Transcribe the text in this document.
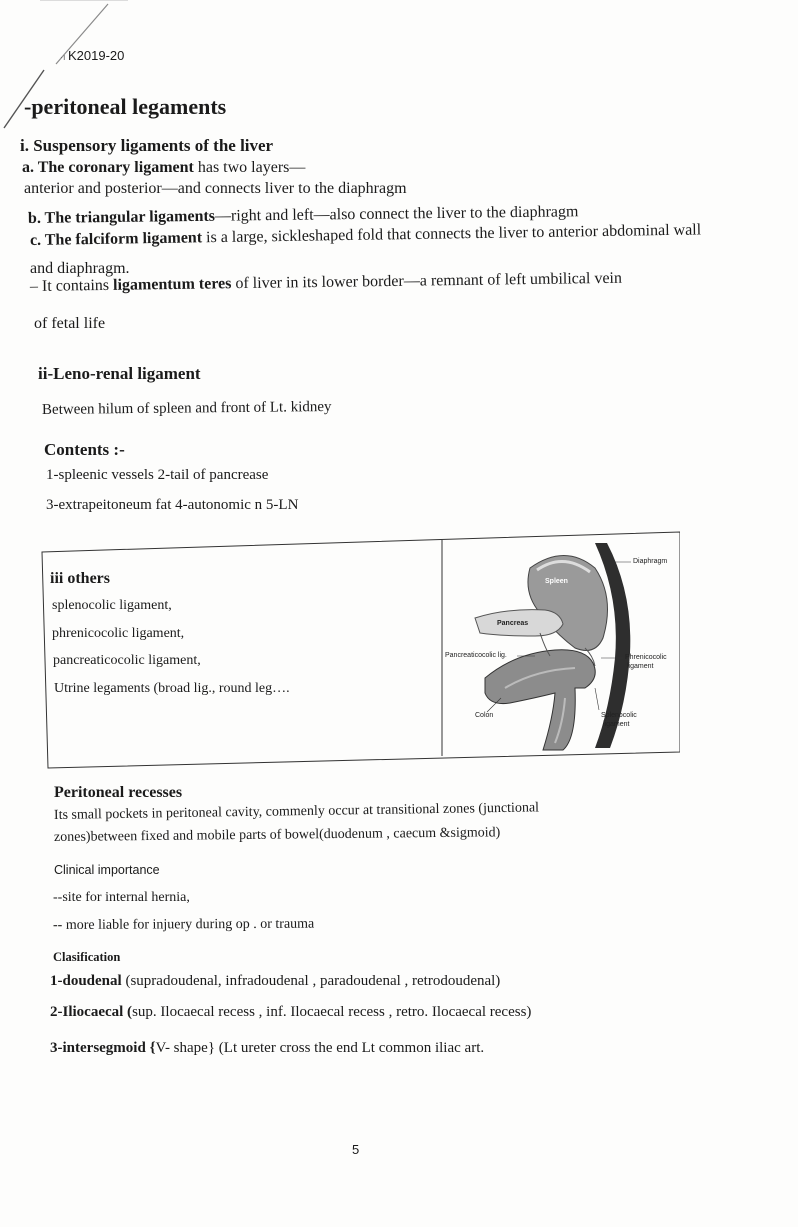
·ı K2019-20
-peritoneal legaments
i. Suspensory ligaments of the liver
a. The coronary ligament has two layers—
anterior and posterior—and connects liver to the diaphragm
b. The triangular ligaments—right and left—also connect the liver to the diaphragm
c. The falciform ligament is a large, sickleshaped fold that connects the liver to anterior abdominal wall
and diaphragm.
– It contains ligamentum teres of liver in its lower border—a remnant of left umbilical vein
of fetal life
ii-Leno-renal ligament
Between hilum of spleen and front of Lt. kidney
Contents :-
1-spleenic vessels 2-tail of pancrease
3-extrapeitoneum fat 4-autonomic n 5-LN
iii others
splenocolic ligament,
phrenicocolic ligament,
pancreaticocolic ligament,
Utrine legaments (broad lig., round leg….
Diaphragm
Spleen
Pancreas
Pancreaticocolic lig.	Phrenicocolic
ligament
Colon	Splenocolic
ligament
Peritoneal recesses
Its small pockets in peritoneal cavity, commenly occur at transitional zones (junctional
zones)between fixed and mobile parts of bowel(duodenum , caecum &sigmoid)
Clinical importance
--site for internal hernia,
-- more liable for injuery during op . or trauma
Clasification
1-doudenal (supradoudenal, infradoudenal , paradoudenal , retrodoudenal)
2-Iliocaecal (sup. Ilocaecal recess , inf. Ilocaecal recess , retro. Ilocaecal recess)
3-intersegmoid {V- shape} (Lt ureter cross the end Lt common iliac art.
5
